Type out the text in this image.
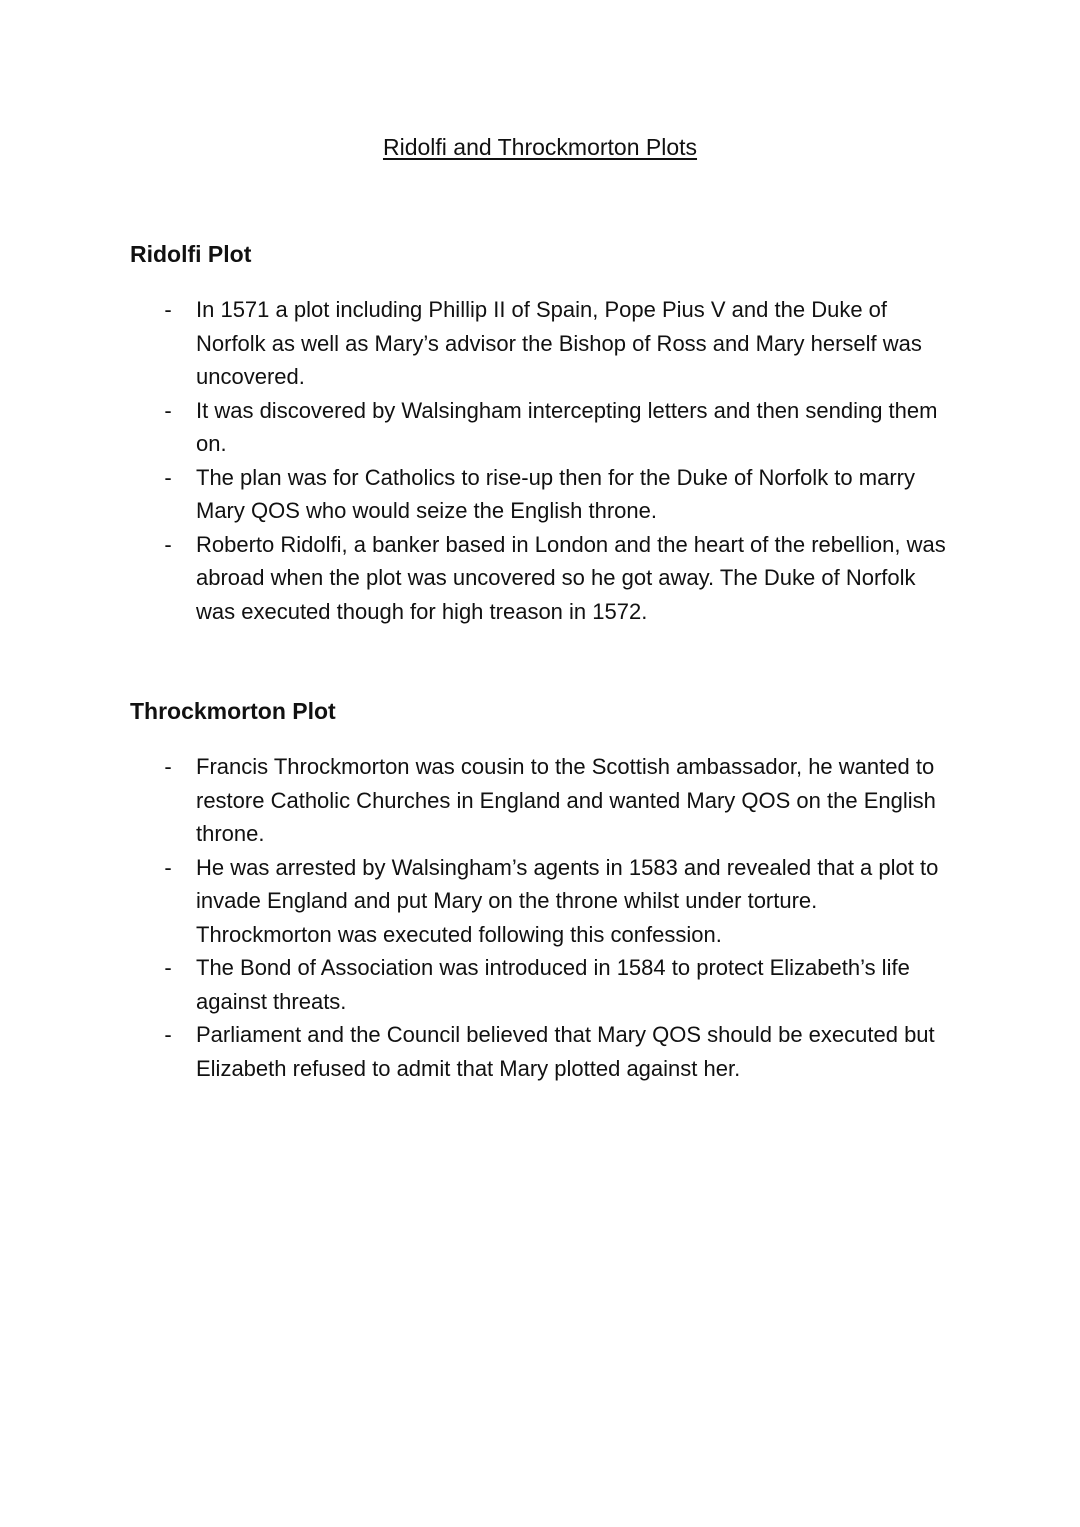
Ridolfi and Throckmorton Plots
Ridolfi Plot
- In 1571 a plot including Phillip II of Spain, Pope Pius V and the Duke of Norfolk as well as Mary’s advisor the Bishop of Ross and Mary herself was uncovered.
- It was discovered by Walsingham intercepting letters and then sending them on.
- The plan was for Catholics to rise-up then for the Duke of Norfolk to marry Mary QOS who would seize the English throne.
- Roberto Ridolfi, a banker based in London and the heart of the rebellion, was abroad when the plot was uncovered so he got away. The Duke of Norfolk was executed though for high treason in 1572.
Throckmorton Plot
- Francis Throckmorton was cousin to the Scottish ambassador, he wanted to restore Catholic Churches in England and wanted Mary QOS on the English throne.
- He was arrested by Walsingham’s agents in 1583 and revealed that a plot to invade England and put Mary on the throne whilst under torture. Throckmorton was executed following this confession.
- The Bond of Association was introduced in 1584 to protect Elizabeth’s life against threats.
- Parliament and the Council believed that Mary QOS should be executed but Elizabeth refused to admit that Mary plotted against her.
